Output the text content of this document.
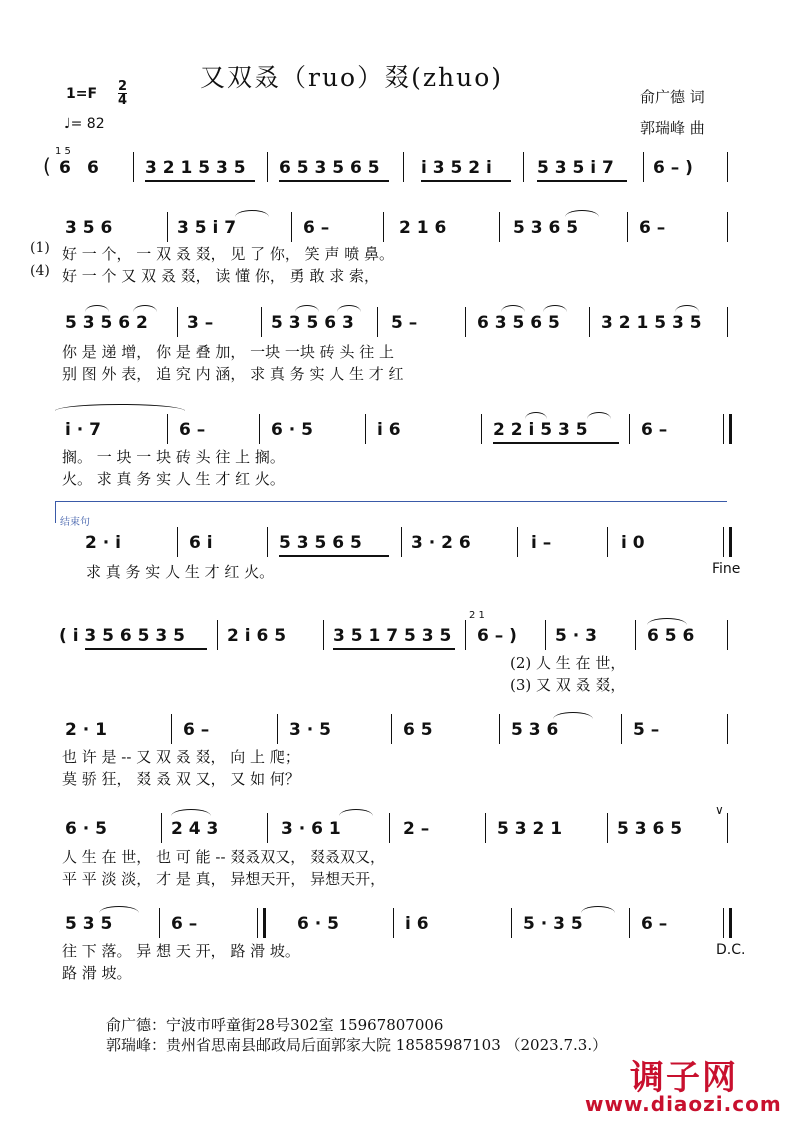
又双叒（ruo）叕(zhuo)
1=F 2
4
♩= 82
俞广德 词
郭瑞峰 曲
(
1 5
6 6	3 2 1 5 3 5 6 5 3 5 6 5 i 3 5 2 i	5 3 5 i 7 6 – )
3 5 6	3 5 i 7	6 –	2 1 6	5 3 6 5	6 –
(1)
(4)
好 一 个， 一 双 叒 叕， 见 了 你， 笑 声 喷 鼻。
好 一 个 又 双 叒 叕， 读 懂 你， 勇 敢 求 索，
5 3 5 6 2 3 –	5 3 5 6 3 5 –	6 3 5 6 5 3 2 1 5 3 5
你 是 递 增， 你 是 叠 加， 一块 一块 砖 头 往 上
别 图 外 表， 追 究 内 涵， 求 真 务 实 人 生 才 红
i · 7	6 –	6 · 5	i 6	2 2 i 5 3 5	6 –
搁。 一 块 一 块 砖 头 往 上 搁。
火。 求 真 务 实 人 生 才 红 火。
结束句
2 · i	6 i	5 3 5 6 5	3 · 2 6	i –	i 0
求 真 务 实 人 生 才 红 火。	Fine
( i 3 5 6 5 3 5 2 i 6 5	3 5 1 7 5 3 5
2 1
6 – ) 5 · 3	6 5 6
(2) 人 生 在 世，
(3) 又 双 叒 叕，
2 · 1	6 –	3 · 5	6 5	5 3 6	5 –
也 许 是 -- 又 双 叒 叕， 向 上 爬；
莫 骄 狂， 叕 叒 双 又， 又 如 何？
6 · 5	2 4 3	3 · 6 1	2 –	5 3 2 1	5 3 6 5
∨
人 生 在 世， 也 可 能 -- 叕叒双又， 叕叒双又，
平 平 淡 淡， 才 是 真， 异想天开， 异想天开，
5 3 5	6 –	6 · 5	i 6	5 · 3 5	6 –
往 下 落。 异 想 天 开， 路 滑 坡。
路 滑 坡。
D.C.
俞广德：宁波市呼童街28号302室 15967807006
郭瑞峰：贵州省思南县邮政局后面郭家大院 18585987103 （2023.7.3.）
调子网
www.diaozi.com
